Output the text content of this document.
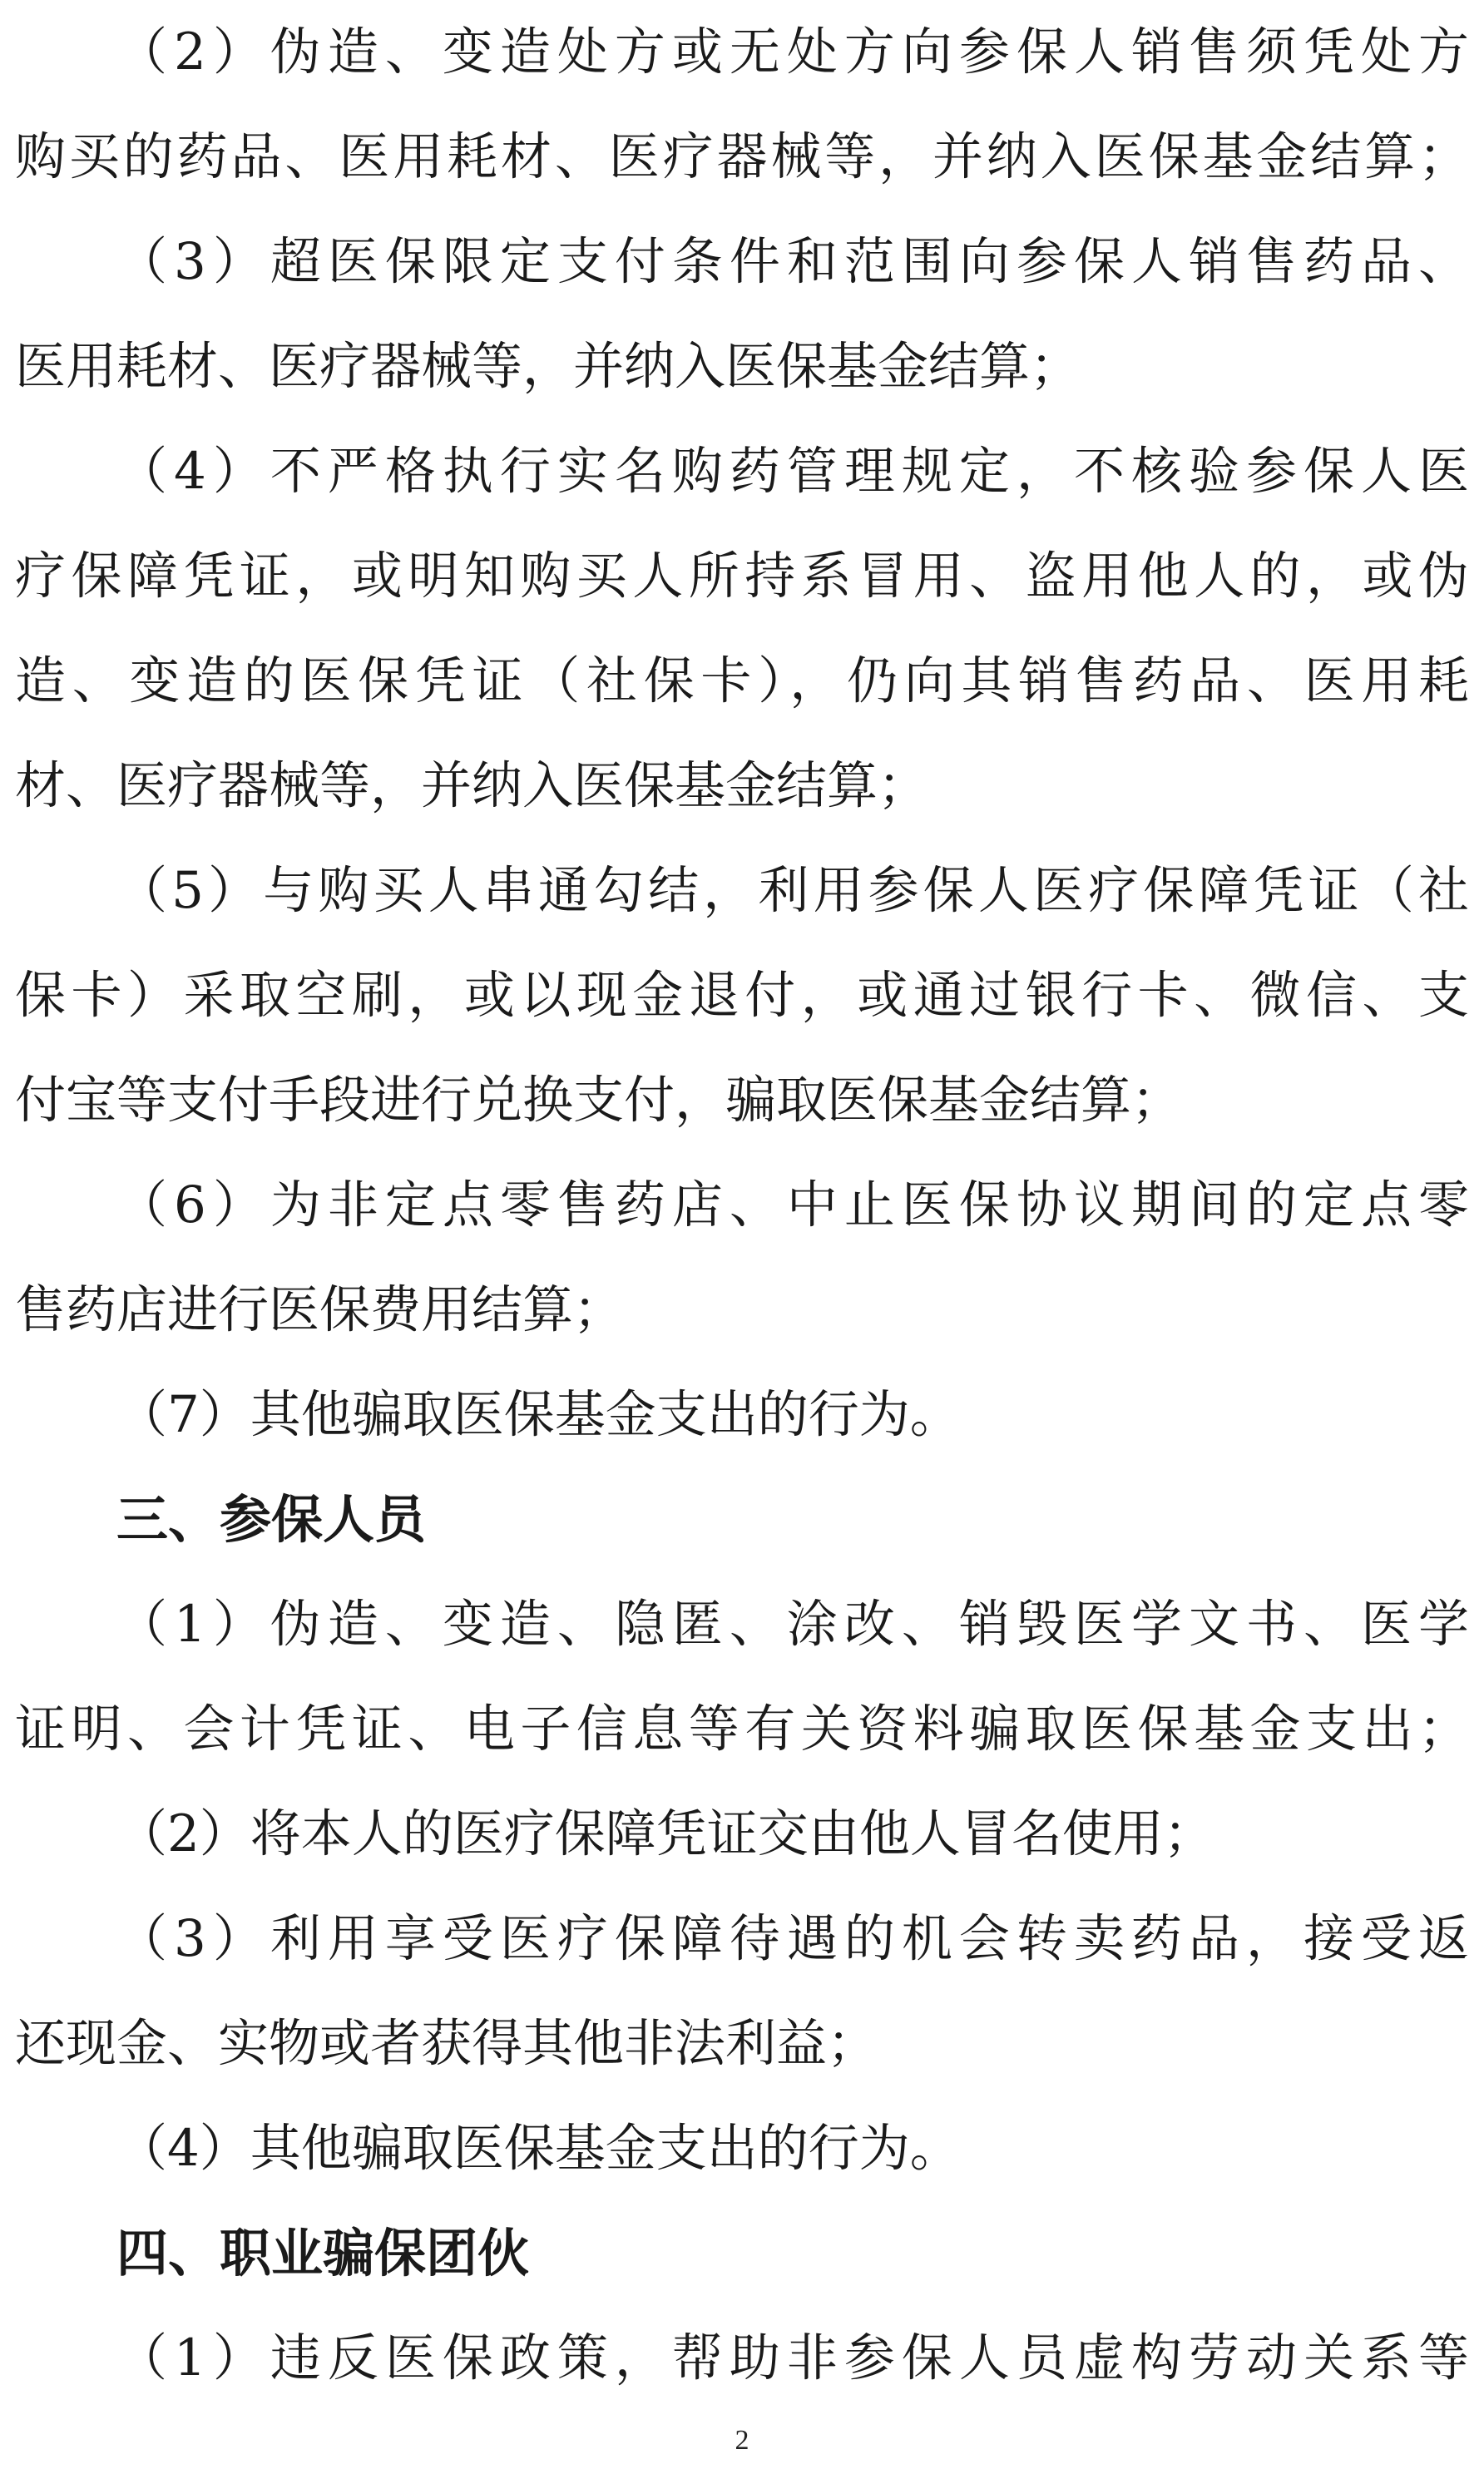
（2）伪造、变造处方或无处方向参保人销售须凭处方
购买的药品、医用耗材、医疗器械等，并纳入医保基金结算；
（3）超医保限定支付条件和范围向参保人销售药品、
医用耗材、医疗器械等，并纳入医保基金结算；
（4）不严格执行实名购药管理规定，不核验参保人医
疗保障凭证，或明知购买人所持系冒用、盗用他人的，或伪
造、变造的医保凭证（社保卡），仍向其销售药品、医用耗
材、医疗器械等，并纳入医保基金结算；
（5）与购买人串通勾结，利用参保人医疗保障凭证（社
保卡）采取空刷，或以现金退付，或通过银行卡、微信、支
付宝等支付手段进行兑换支付，骗取医保基金结算；
（6）为非定点零售药店、中止医保协议期间的定点零
售药店进行医保费用结算；
（7）其他骗取医保基金支出的行为。
三、参保人员
（1）伪造、变造、隐匿、涂改、销毁医学文书、医学
证明、会计凭证、电子信息等有关资料骗取医保基金支出；
（2）将本人的医疗保障凭证交由他人冒名使用；
（3）利用享受医疗保障待遇的机会转卖药品，接受返
还现金、实物或者获得其他非法利益；
（4）其他骗取医保基金支出的行为。
四、职业骗保团伙
（1）违反医保政策，帮助非参保人员虚构劳动关系等
2
